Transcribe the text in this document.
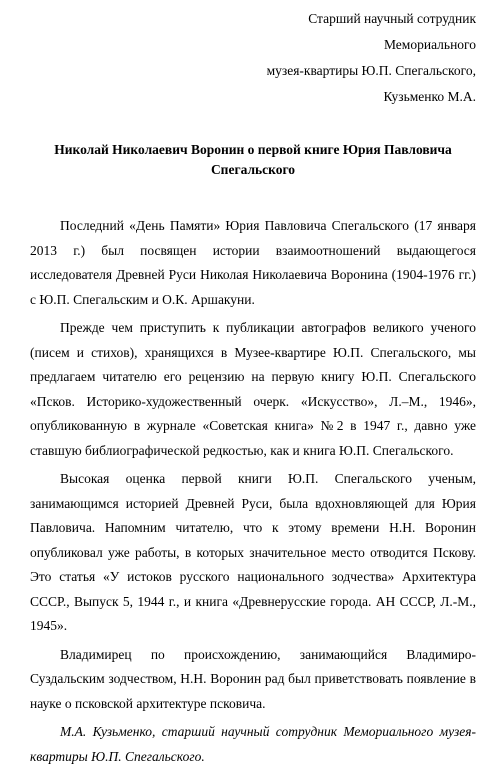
Старший научный сотрудник
Мемориального
музея-квартиры Ю.П. Спегальского,
Кузьменко М.А.
Николай Николаевич Воронин о первой книге Юрия Павловича Спегальского

Последний «День Памяти» Юрия Павловича Спегальского (17 января 2013 г.) был посвящен истории взаимоотношений выдающегося исследователя Древней Руси Николая Николаевича Воронина (1904-1976 гг.) с Ю.П. Спегальским и О.К. Аршакуни.

Прежде чем приступить к публикации автографов великого ученого (писем и стихов), хранящихся в Музее-квартире Ю.П. Спегальского, мы предлагаем читателю его рецензию на первую книгу Ю.П. Спегальского «Псков. Историко-художественный очерк. «Искусство», Л.–М., 1946», опубликованную в журнале «Советская книга» №2 в 1947 г., давно уже ставшую библиографической редкостью, как и книга Ю.П. Спегальского.

Высокая оценка первой книги Ю.П. Спегальского ученым, занимающимся историей Древней Руси, была вдохновляющей для Юрия Павловича. Напомним читателю, что к этому времени Н.Н. Воронин опубликовал уже работы, в которых значительное место отводится Пскову. Это статья «У истоков русского национального зодчества» Архитектура СССР., Выпуск 5, 1944 г., и книга «Древнерусские города. АН СССР, Л.-М., 1945».

Владимирец по происхождению, занимающийся Владимиро-Суздальским зодчеством, Н.Н. Воронин рад был приветствовать появление в науке о псковской архитектуре псковича.

М.А. Кузьменко, старший научный сотрудник Мемориального музея-квартиры Ю.П. Спегальского.
